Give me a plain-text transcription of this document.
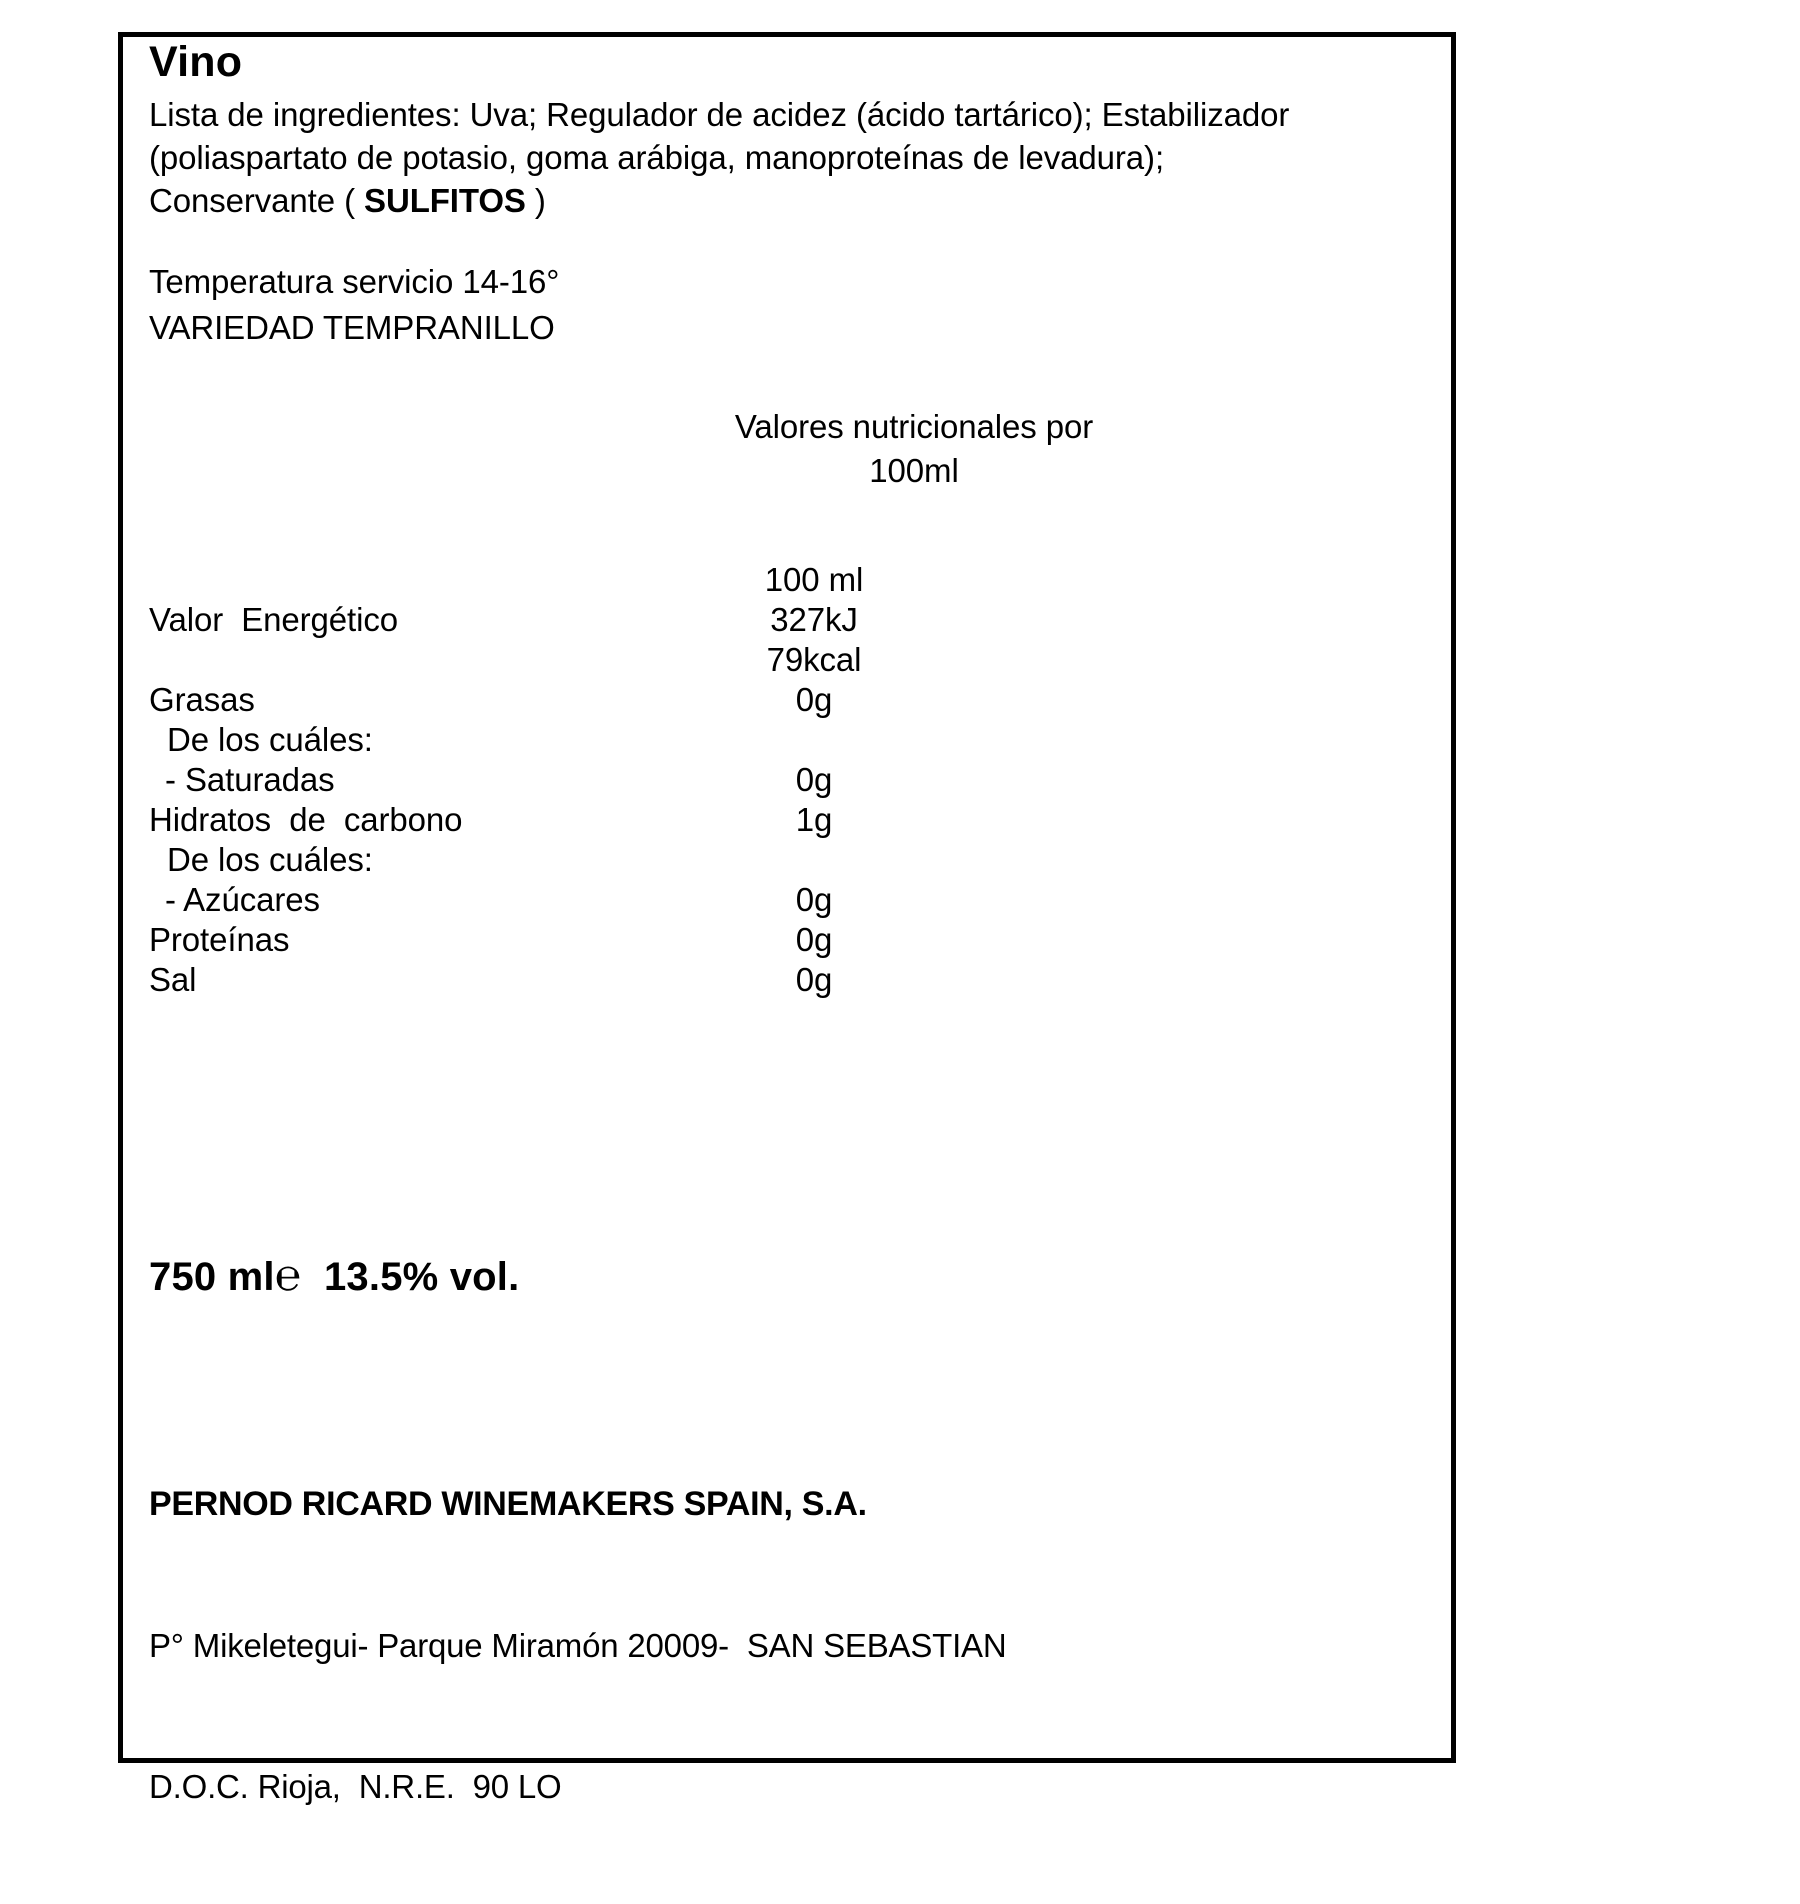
Vino
Lista de ingredientes: Uva; Regulador de acidez (ácido tartárico); Estabilizador
(poliaspartato de potasio, goma arábiga, manoproteínas de levadura);
Conservante ( SULFITOS )
Temperatura servicio 14-16°
VARIEDAD TEMPRANILLO
Valores nutricionales por
100ml
100 ml
Valor  Energético	327kJ
79kcal
Grasas	0g
De los cuáles:
- Saturadas	0g
Hidratos  de  carbono	1g
De los cuáles:
- Azúcares	0g
Proteínas	0g
Sal	0g
750 ml℮ 13.5% vol.

PERNOD RICARD WINEMAKERS SPAIN, S.A.

P° Mikeletegui- Parque Miramón 20009-  SAN SEBASTIAN

D.O.C. Rioja,  N.R.E.  90 LO
